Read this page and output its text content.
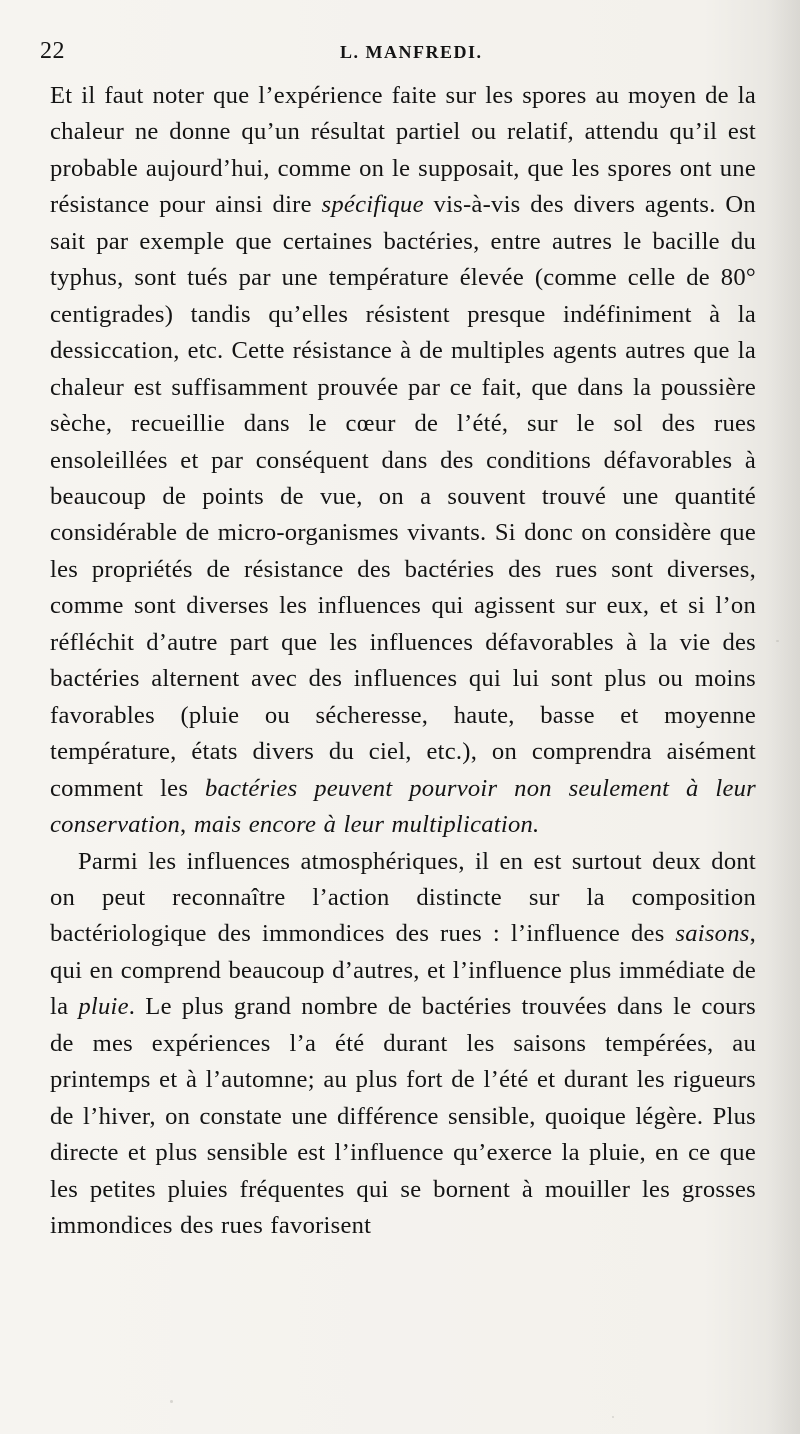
22	L. MANFREDI.

Et il faut noter que l’expérience faite sur les spores au moyen de la chaleur ne donne qu’un résultat partiel ou relatif, attendu qu’il est probable aujourd’hui, comme on le supposait, que les spores ont une résistance pour ainsi dire spécifique vis-à-vis des divers agents. On sait par exemple que certaines bactéries, entre autres le bacille du typhus, sont tués par une température élevée (comme celle de 80° centigrades) tandis qu’elles résistent presque indéfiniment à la dessiccation, etc. Cette résistance à de multiples agents autres que la chaleur est suffisamment prouvée par ce fait, que dans la poussière sèche, recueillie dans le cœur de l’été, sur le sol des rues ensoleillées et par conséquent dans des conditions défavorables à beaucoup de points de vue, on a souvent trouvé une quantité considérable de micro-organismes vivants. Si donc on considère que les propriétés de résistance des bactéries des rues sont diverses, comme sont diverses les influences qui agissent sur eux, et si l’on réfléchit d’autre part que les influences défavorables à la vie des bactéries alternent avec des influences qui lui sont plus ou moins favorables (pluie ou sécheresse, haute, basse et moyenne température, états divers du ciel, etc.), on comprendra aisément comment les bactéries peuvent pourvoir non seulement à leur conservation, mais encore à leur multiplication.

Parmi les influences atmosphériques, il en est surtout deux dont on peut reconnaître l’action distincte sur la composition bactériologique des immondices des rues : l’influence des saisons, qui en comprend beaucoup d’autres, et l’influence plus immédiate de la pluie. Le plus grand nombre de bactéries trouvées dans le cours de mes expériences l’a été durant les saisons tempérées, au printemps et à l’automne; au plus fort de l’été et durant les rigueurs de l’hiver, on constate une différence sensible, quoique légère. Plus directe et plus sensible est l’influence qu’exerce la pluie, en ce que les petites pluies fréquentes qui se bornent à mouiller les grosses immondices des rues favorisent
